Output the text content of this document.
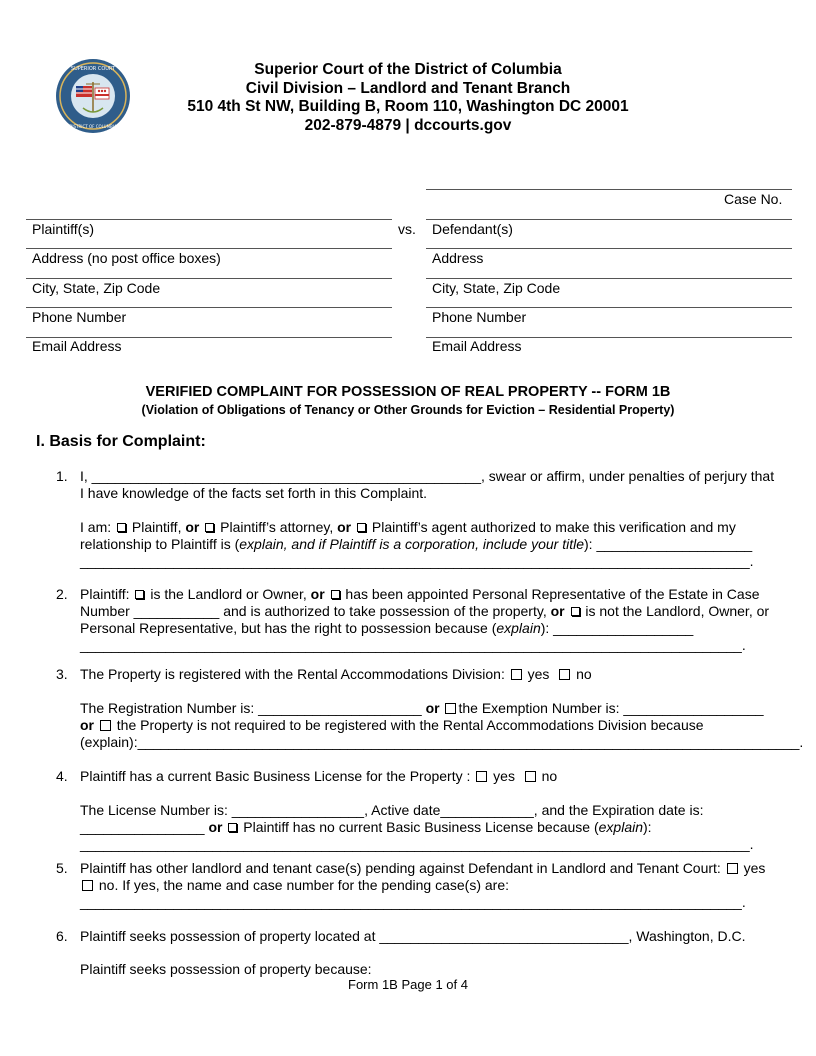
SUPERIOR COURT
DISTRICT OF COLUMBIA
Superior Court of the District of Columbia
Civil Division – Landlord and Tenant Branch
510 4th St NW, Building B, Room 110, Washington DC 20001
202-879-4879 | dccourts.gov
Case No.
Plaintiff(s)	vs. Defendant(s)
Address (no post office boxes)	Address
City, State, Zip Code	City, State, Zip Code
Phone Number	Phone Number
Email Address	Email Address
VERIFIED COMPLAINT FOR POSSESSION OF REAL PROPERTY -- FORM 1B
(Violation of Obligations of Tenancy or Other Grounds for Eviction – Residential Property)
I. Basis for Complaint:
1. I, __________________________________________________, swear or affirm, under penalties of perjury that I have knowledge of the facts set forth in this Complaint.

I am:  Plaintiff, or Plaintiff’s attorney, or Plaintiff’s agent authorized to make this verification and my relationship to Plaintiff is (explain, and if Plaintiff is a corporation, include your title): ____________________ ______________________________________________________________________________________.

2. Plaintiff:  is the Landlord or Owner, or has been appointed Personal Representative of the Estate in Case Number ___________ and is authorized to take possession of the property, or is not the Landlord, Owner, or Personal Representative, but has the right to possession because (explain): __________________ _____________________________________________________________________________________.

3. The Property is registered with the Rental Accommodations Division:  yes no

The Registration Number is: _____________________ or the Exemption Number is: __________________ or the Property is not required to be registered with the Rental Accommodations Division because (explain):_____________________________________________________________________________________.

4. Plaintiff has a current Basic Business License for the Property :  yes no

The License Number is: _________________, Active date____________, and the Expiration date is: ________________ or Plaintiff has no current Basic Business License because (explain): ______________________________________________________________________________________.

5. Plaintiff has other landlord and tenant case(s) pending against Defendant in Landlord and Tenant Court:  yes   no. If yes, the name and case number for the pending case(s) are: _____________________________________________________________________________________.

6. Plaintiff seeks possession of property located at ________________________________, Washington, D.C.

Plaintiff seeks possession of property because:

Form 1B Page 1 of 4
